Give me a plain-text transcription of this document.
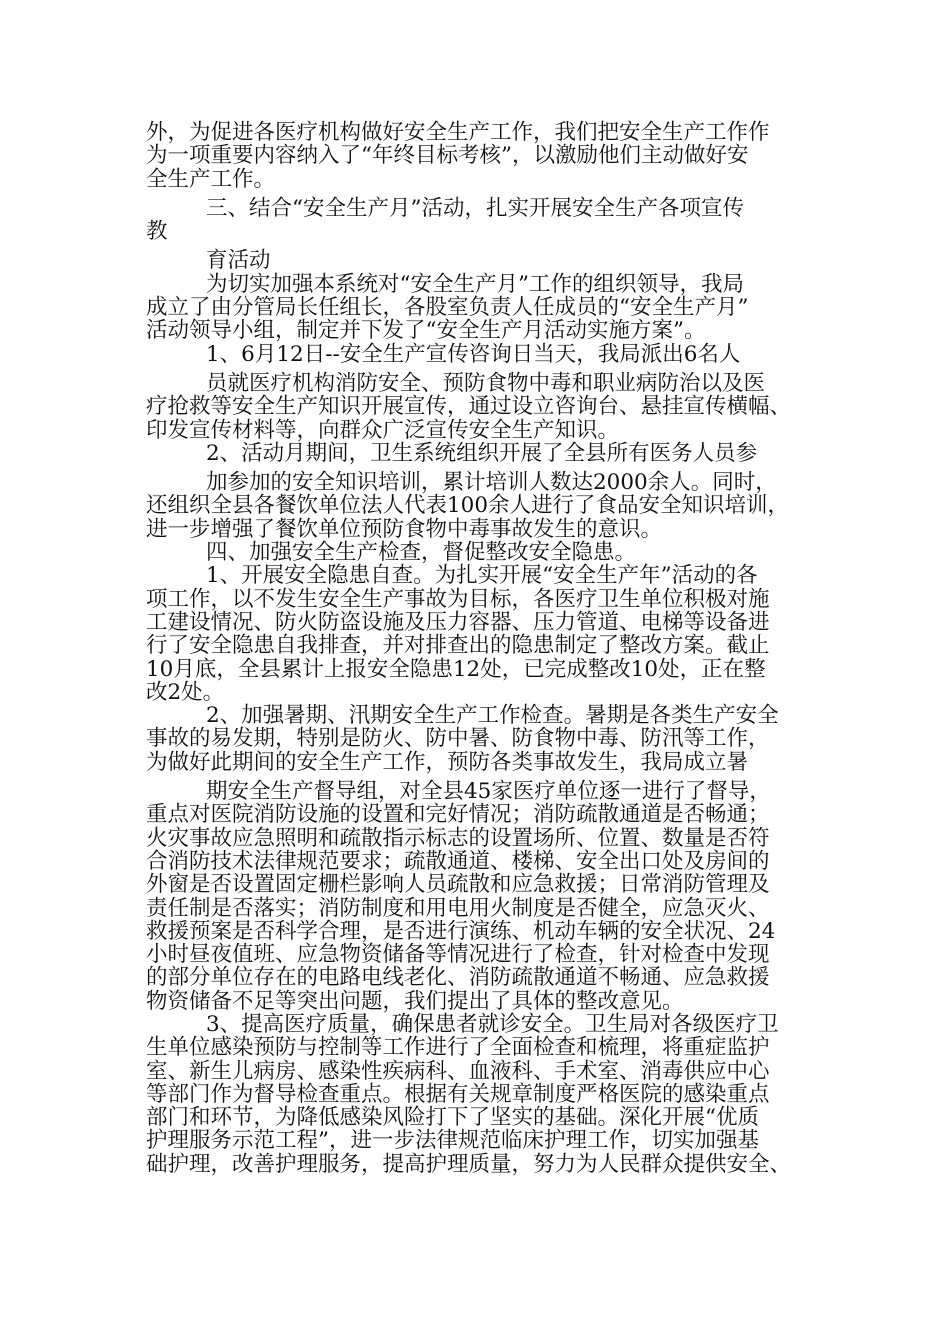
外，为促进各医疗机构做好安全生产工作，我们把安全生产工作作
为一项重要内容纳入了“年终目标考核”，以激励他们主动做好安
全生产工作。
三、结合“安全生产月”活动，扎实开展安全生产各项宣传
教
育活动
为切实加强本系统对“安全生产月”工作的组织领导，我局
成立了由分管局长任组长，各股室负责人任成员的“安全生产月”
活动领导小组，制定并下发了“安全生产月活动实施方案”。
1、6月12日--安全生产宣传咨询日当天，我局派出6名人
员就医疗机构消防安全、预防食物中毒和职业病防治以及医
疗抢救等安全生产知识开展宣传，通过设立咨询台、悬挂宣传横幅、
印发宣传材料等，向群众广泛宣传安全生产知识。
2、活动月期间，卫生系统组织开展了全县所有医务人员参
加参加的安全知识培训，累计培训人数达2000余人。同时，
还组织全县各餐饮单位法人代表100余人进行了食品安全知识培训，
进一步增强了餐饮单位预防食物中毒事故发生的意识。
四、加强安全生产检查，督促整改安全隐患。
1、开展安全隐患自查。为扎实开展“安全生产年”活动的各
项工作，以不发生安全生产事故为目标，各医疗卫生单位积极对施
工建设情况、防火防盗设施及压力容器、压力管道、电梯等设备进
行了安全隐患自我排查，并对排查出的隐患制定了整改方案。截止
10月底，全县累计上报安全隐患12处，已完成整改10处，正在整
改2处。
2、加强暑期、汛期安全生产工作检查。暑期是各类生产安全
事故的易发期，特别是防火、防中暑、防食物中毒、防汛等工作，
为做好此期间的安全生产工作，预防各类事故发生，我局成立暑
期安全生产督导组，对全县45家医疗单位逐一进行了督导，
重点对医院消防设施的设置和完好情况；消防疏散通道是否畅通；
火灾事故应急照明和疏散指示标志的设置场所、位置、数量是否符
合消防技术法律规范要求；疏散通道、楼梯、安全出口处及房间的
外窗是否设置固定栅栏影响人员疏散和应急救援；日常消防管理及
责任制是否落实；消防制度和用电用火制度是否健全，应急灭火、
救援预案是否科学合理，是否进行演练、机动车辆的安全状况、24
小时昼夜值班、应急物资储备等情况进行了检查，针对检查中发现
的部分单位存在的电路电线老化、消防疏散通道不畅通、应急救援
物资储备不足等突出问题，我们提出了具体的整改意见。
3、提高医疗质量，确保患者就诊安全。卫生局对各级医疗卫
生单位感染预防与控制等工作进行了全面检查和梳理，将重症监护
室、新生儿病房、感染性疾病科、血液科、手术室、消毒供应中心
等部门作为督导检查重点。根据有关规章制度严格医院的感染重点
部门和环节，为降低感染风险打下了坚实的基础。深化开展“优质
护理服务示范工程”，进一步法律规范临床护理工作，切实加强基
础护理，改善护理服务，提高护理质量，努力为人民群众提供安全、
